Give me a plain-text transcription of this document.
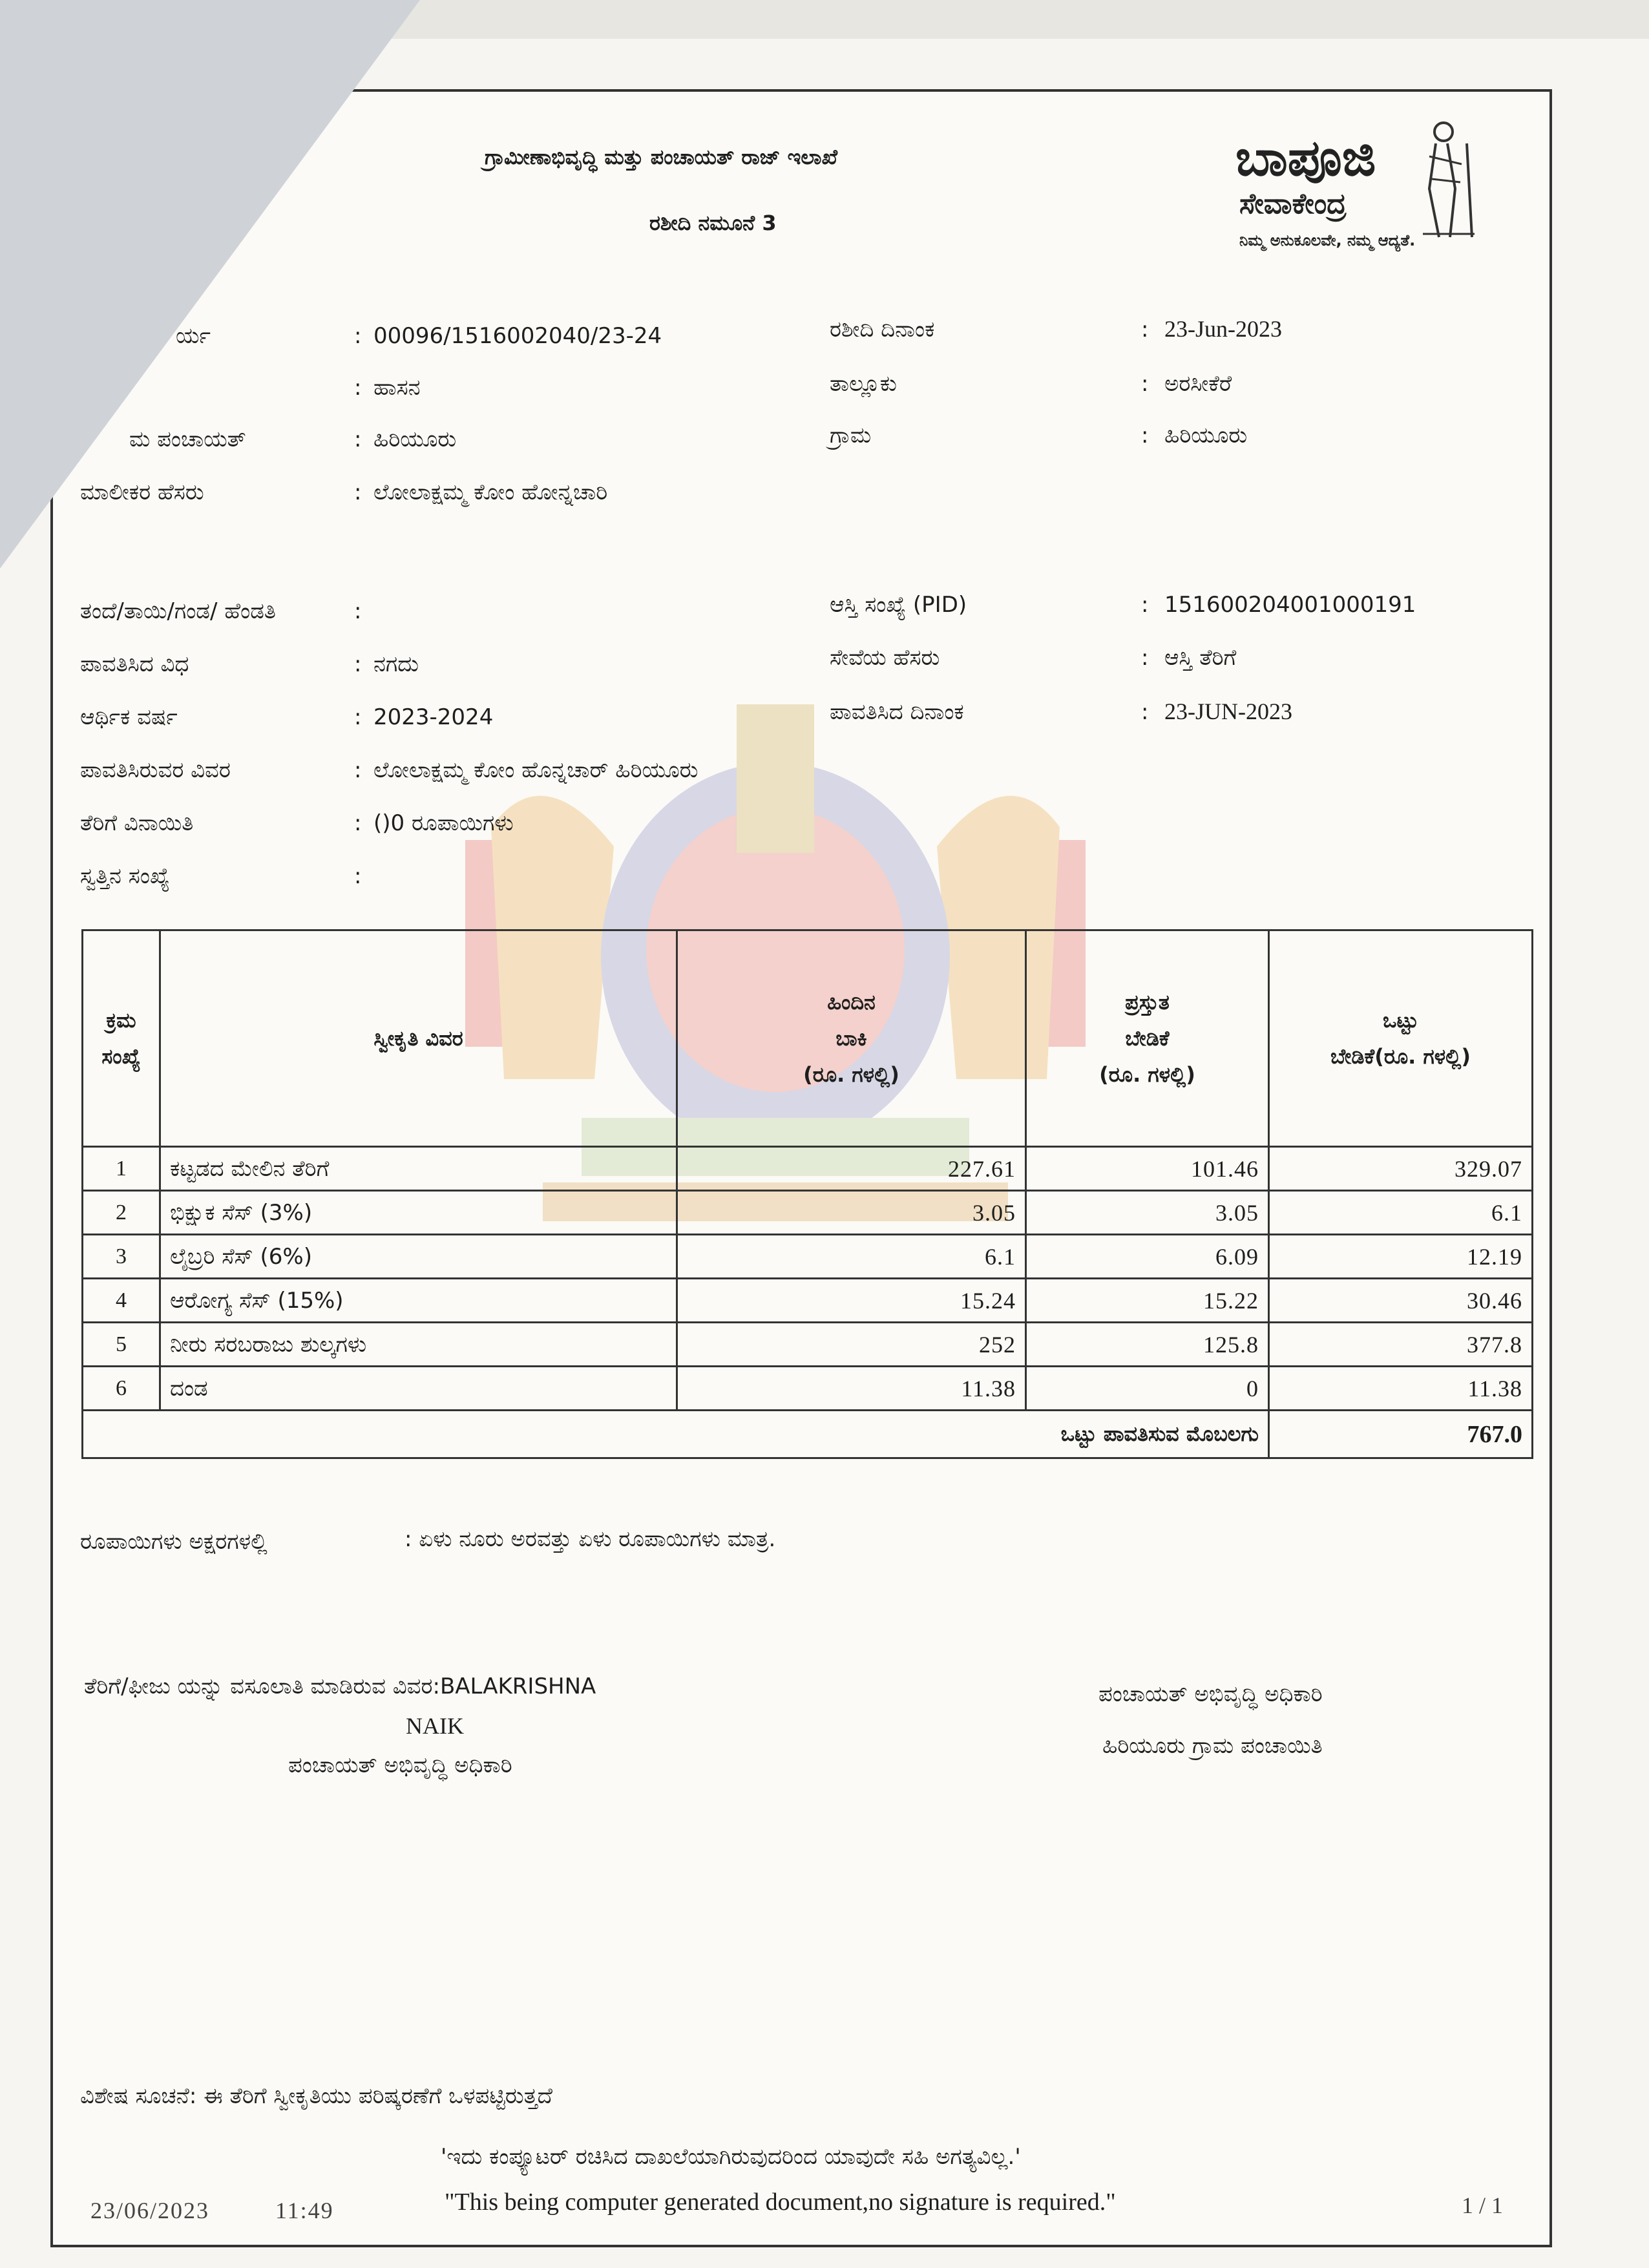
ಗ್ರಾಮೀಣಾಭಿವೃದ್ಧಿ ಮತ್ತು ಪಂಚಾಯತ್ ರಾಜ್ ಇಲಾಖೆ
ರಶೀದಿ ನಮೂನೆ 3
ಬಾಪೂಜಿ
ಸೇವಾಕೇಂದ್ರ
ನಿಮ್ಮ ಅನುಕೂಲವೇ, ನಮ್ಮ ಆದ್ಯತೆ.
ರ್ಯ	: 00096/1516002040/23-24
: ಹಾಸನ
ಮ ಪಂಚಾಯತ್	: ಹಿರಿಯೂರು
ಮಾಲೀಕರ ಹೆಸರು	: ಲೋಲಾಕ್ಷಮ್ಮ ಕೋಂ ಹೋನ್ನಚಾರಿ
ತಂದೆ/ತಾಯಿ/ಗಂಡ/ ಹೆಂಡತಿ	:
ಪಾವತಿಸಿದ ವಿಧ	: ನಗದು
ಆರ್ಥಿಕ ವರ್ಷ	: 2023-2024
ಪಾವತಿಸಿರುವರ ವಿವರ	: ಲೋಲಾಕ್ಷಮ್ಮ ಕೋಂ ಹೊನ್ನಚಾರ್ ಹಿರಿಯೂರು
ತೆರಿಗೆ ವಿನಾಯಿತಿ	: ()0 ರೂಪಾಯಿಗಳು
ಸ್ವತ್ತಿನ ಸಂಖ್ಯೆ	:
ರಶೀದಿ ದಿನಾಂಕ	: 23-Jun-2023
ತಾಲ್ಲೂಕು	: ಅರಸೀಕೆರೆ
ಗ್ರಾಮ	: ಹಿರಿಯೂರು
ಆಸ್ತಿ ಸಂಖ್ಯೆ (PID)	: 151600204001000191
ಸೇವೆಯ ಹೆಸರು	: ಆಸ್ತಿ ತೆರಿಗೆ
ಪಾವತಿಸಿದ ದಿನಾಂಕ	: 23-JUN-2023
ಕ್ರಮ
ಸಂಖ್ಯೆ	ಸ್ವೀಕೃತಿ ವಿವರ	ಹಿಂದಿನ
ಬಾಕಿ
(ರೂ. ಗಳಲ್ಲಿ)	ಪ್ರಸ್ತುತ
ಬೇಡಿಕೆ
(ರೂ. ಗಳಲ್ಲಿ)	ಒಟ್ಟು
ಬೇಡಿಕೆ(ರೂ. ಗಳಲ್ಲಿ)
1	ಕಟ್ಟಡದ ಮೇಲಿನ ತೆರಿಗೆ	227.61	101.46	329.07
2	ಭಿಕ್ಷುಕ ಸೆಸ್ (3%)	3.05	3.05	6.1
3	ಲೈಬ್ರರಿ ಸೆಸ್ (6%)	6.1	6.09	12.19
4	ಆರೋಗ್ಯ ಸೆಸ್ (15%)	15.24	15.22	30.46
5	ನೀರು ಸರಬರಾಜು ಶುಲ್ಕಗಳು	252	125.8	377.8
6	ದಂಡ	11.38	0	11.38
ಒಟ್ಟು ಪಾವತಿಸುವ ಮೊಬಲಗು				767.0
ರೂಪಾಯಿಗಳು ಅಕ್ಷರಗಳಲ್ಲಿ	: ಏಳು ನೂರು ಅರವತ್ತು ಏಳು ರೂಪಾಯಿಗಳು ಮಾತ್ರ.
ತೆರಿಗೆ/ಫೀಜು ಯನ್ನು ವಸೂಲಾತಿ ಮಾಡಿರುವ ವಿವರ:BALAKRISHNA
NAIK
ಪಂಚಾಯತ್ ಅಭಿವೃದ್ಧಿ ಅಧಿಕಾರಿ
ಪಂಚಾಯತ್ ಅಭಿವೃದ್ಧಿ ಅಧಿಕಾರಿ
ಹಿರಿಯೂರು ಗ್ರಾಮ ಪಂಚಾಯಿತಿ
ವಿಶೇಷ ಸೂಚನೆ: ಈ ತೆರಿಗೆ ಸ್ವೀಕೃತಿಯು ಪರಿಷ್ಕರಣೆಗೆ ಒಳಪಟ್ಟಿರುತ್ತದೆ
'ಇದು ಕಂಪ್ಯೂಟರ್ ರಚಿಸಿದ ದಾಖಲೆಯಾಗಿರುವುದರಿಂದ ಯಾವುದೇ ಸಹಿ ಅಗತ್ಯವಿಲ್ಲ.'
"This being computer generated document,no signature is required."
23/06/2023	11:49	1 / 1
